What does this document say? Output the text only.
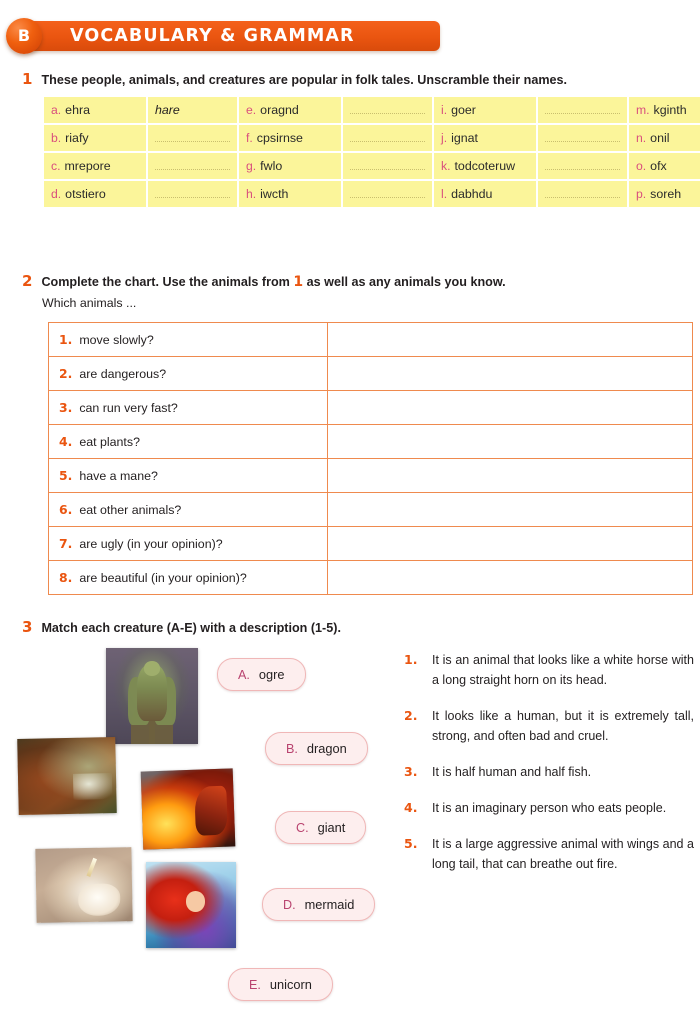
VOCABULARY & GRAMMAR
B
1 These people, animals, and creatures are popular in folk tales. Unscramble their names.
a. ehra	hare	e. oragnd		i. goer		m. kginth	
b. riafy		f. cpsirnse		j. ignat		n. onil	
c. mrepore		g. fwlo		k. todcoteruw		o. ofx	
d. otstiero		h. iwcth		l. dabhdu		p. soreh	
2 Complete the chart. Use the animals from 1 as well as any animals you know.
Which animals ...
1. move slowly?	
2. are dangerous?	
3. can run very fast?	
4. eat plants?	
5. have a mane?	
6. eat other animals?	
7. are ugly (in your opinion)?	
8. are beautiful (in your opinion)?	
3 Match each creature (A-E) with a description (1-5).
A. ogre
B. dragon
C. giant
D. mermaid
E. unicorn
1. It is an animal that looks like a white horse with a long straight horn on its head.
2. It looks like a human, but it is extremely tall, strong, and often bad and cruel.
3. It is half human and half fish.
4. It is an imaginary person who eats people.
5. It is a large aggressive animal with wings and a long tail, that can breathe out fire.
